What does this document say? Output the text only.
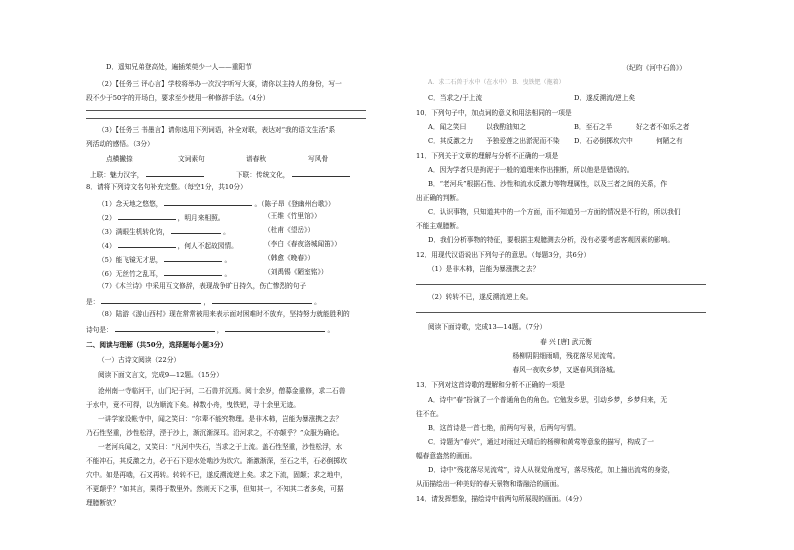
D．遥知兄弟登高处，遍插茱萸少一人——重阳节
（2）【任务三 评心言】学校将举办一次汉字听写大赛，请你以主持人的身份，写一
段不少于50字的开场白，要求至少使用一种修辞手法。（4分）
（3）【任务三 书墨言】请你选用下列词语，补全对联，表达对“我的语文生活”系
列活动的感悟。（3分）
点横撇捺	文词素句	谱春秋	写风骨
上联：魅力汉字，	下联：传统文化，
8．请将下列诗文名句补充完整。（每空1分，共10分）
（1）念天地之悠悠，	。（陈子昂《登幽州台歌》）
（2）	，明月来相照。	（王维《竹里馆》）
（3）满眼生机转化钧，	。	（杜甫《望岳》）
（4）	，何人不起故园情。	（李白《春夜洛城闻笛》）
（5）能飞镜无才思，	。	（韩愈《晚春》）
（6）无丝竹之乱耳，	。	（刘禹锡《陋室铭》）
（7）《木兰诗》中采用互文修辞，表现战争旷日持久，伤亡惨烈的句子
是：	，	。
（8）陆游《游山西村》现在常常被用来表示面对困难时不放弃，坚持努力就能胜利的
诗句是：	，	。
二、阅读与理解（共50分，选择题每小题3分）
（一）古诗文阅读（22分）
阅读下面文言文，完成9—12题。（15分）
沧州南一寺临河干，山门圮于河，二石兽并沉焉。阅十余岁，僧募金重修，求二石兽
于水中，竟不可得，以为顺流下矣。棹数小舟，曳铁钯，寻十余里无迹。
一讲学家设帐寺中，闻之笑曰：“尔辈不能究物理。是非木柿，岂能为暴涨携之去？
乃石性坚重，沙性松浮，湮于沙上，渐沉渐深耳。沿河求之，不亦颠乎？”众服为确论。
一老河兵闻之，又笑曰：“凡河中失石，当求之于上流。盖石性坚重，沙性松浮，水
不能冲石，其反激之力，必于石下迎水处啮沙为坎穴。渐激渐深，至石之半，石必倒掷坎
穴中。如是再啮，石又再转。转转不已，遂反溯流逆上矣。求之下流，固颠；求之地中，
不更颠乎？”如其言，果得于数里外。然则天下之事，但知其一，不知其二者多矣，可据
理臆断欤？
（纪昀《河中石兽》）
A．求二石兽于水中（在水中） B．曳铁钯（拖着）
C．当求之/于上流	D．遂反溯流/逆上矣
10．下列句子中，加点词的意义和用法相同的一项是
A．闻之笑曰	以我酌油知之	B．至石之半	好之者不如乐之者
C．其反激之力 予独爱莲之出淤泥而不染 D．石必倒掷坎穴中	何陋之有
11．下列关于文章的理解与分析不正确的一项是
A．因为学者只是拘泥于一般的道理来作出推断，所以他是是错误的。
B．“老河兵”根据石性、沙性和流水反激力等物理属性，以及三者之间的关系，作
出正确的判断。
C．认识事物，只知道其中的一个方面，而不知道另一方面的情况是不行的，所以我们
不能主观臆断。
D．我们分析事物的特征，要根据主观臆测去分析，没有必要考虑客观因素的影响。
12．用现代汉语说出下列句子的意思。（每题3分，共6分）
（1）是非木柿，岂能为暴涨携之去？
（2）转转不已，遂反溯流逆上矣。
阅读下面诗歌，完成13—14题。（7分）
春 兴 [唐] 武元衡
杨柳阴阴细雨晴，残花落尽见流莺。
春风一夜吹乡梦，又逐春风到洛城。
13．下列对这首诗歌的理解和分析不正确的一项是
A．诗中“春”扮演了一个普通角色的角色。它勉发乡思，引动乡梦，乡梦归来，无
往不在。
B．这首诗是一首七绝，前两句写景，后两句写情。
C．诗题为“春兴”，通过对雨过天晴后的杨柳和黄莺等意象的描写，构成了一
幅春意盎然的画面。
D．诗中“残花落尽见流莺”，诗人从视觉角度写，落尽残花，加上撞出流莺的身姿，
从而描绘出一种美好的春天景物和谐融洽的画面。
14．请发挥想象，描绘诗中前两句所展现的画面。（4分）
